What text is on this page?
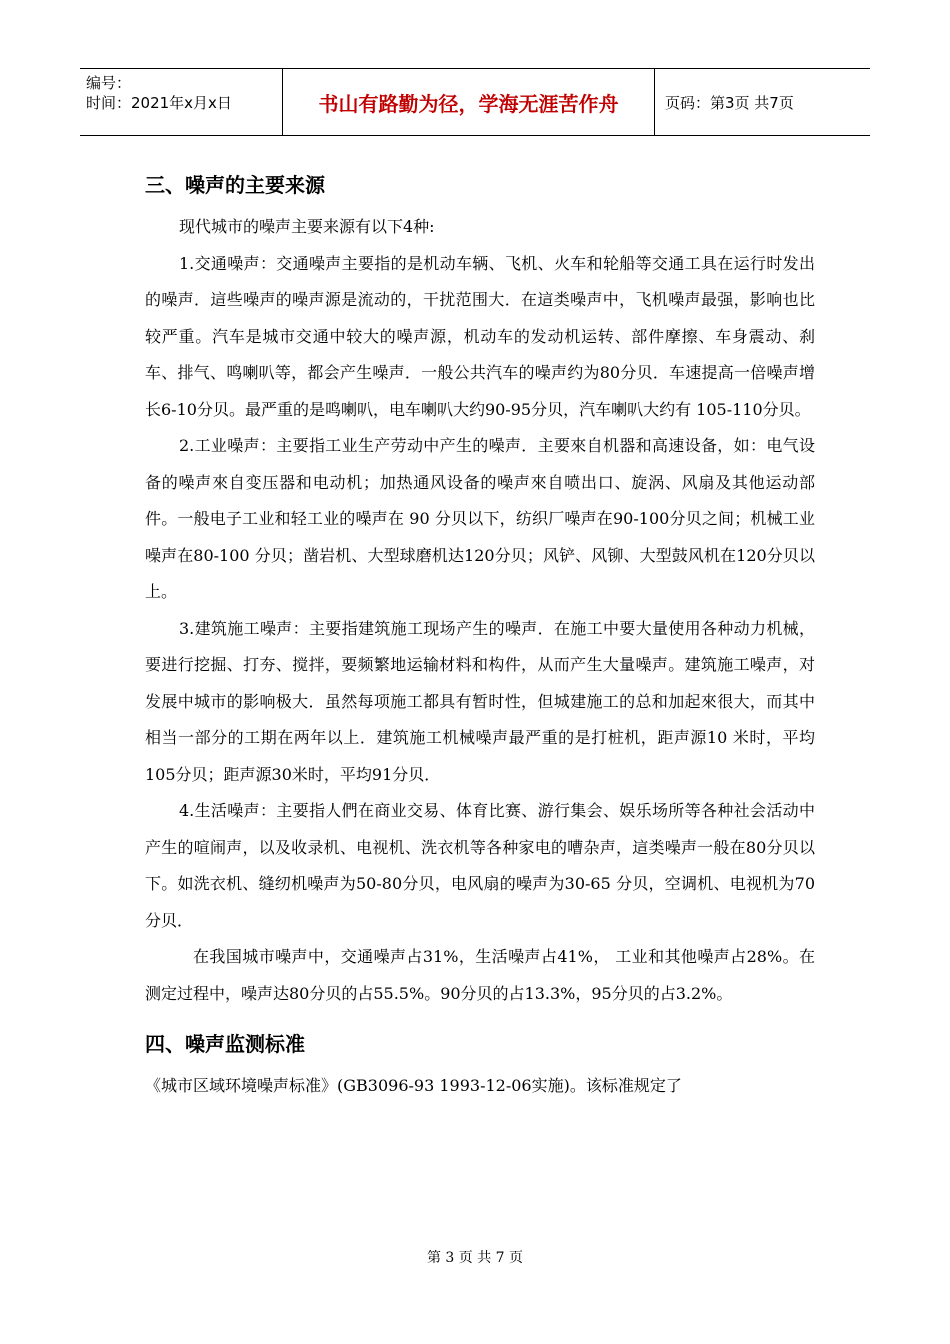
编号：
时间：2021年x月x日	书山有路勤为径，学海无涯苦作舟	页码：第3页 共7页
三、噪声的主要来源

现代城市的噪声主要来源有以下4种:

1.交通噪声：交通噪声主要指的是机动车辆、飞机、火车和轮船等交通工具在运行时发出的噪声．這些噪声的噪声源是流动的，干扰范围大．在這类噪声中，飞机噪声最强，影响也比较严重。汽车是城市交通中较大的噪声源，机动车的发动机运转、部件摩擦、车身震动、刹车、排气、鸣喇叭等，都会产生噪声．一般公共汽车的噪声约为80分贝．车速提高一倍噪声增长6-10分贝。最严重的是鸣喇叭，电车喇叭大约90-95分贝，汽车喇叭大约有 105-110分贝。

2.工业噪声：主要指工业生产劳动中产生的噪声．主要來自机器和高速设备，如：电气设备的噪声來自变压器和电动机；加热通风设备的噪声來自喷出口、旋涡、风扇及其他运动部件。一般电子工业和轻工业的噪声在 90 分贝以下，纺织厂噪声在90-100分贝之间；机械工业噪声在80-100 分贝；凿岩机、大型球磨机达120分贝；风铲、风铆、大型鼓风机在120分贝以上。

3.建筑施工噪声：主要指建筑施工现场产生的噪声．在施工中要大量使用各种动力机械，要进行挖掘、打夯、搅拌，要频繁地运输材料和构件，从而产生大量噪声。建筑施工噪声，对发展中城市的影响极大．虽然每项施工都具有暂时性，但城建施工的总和加起來很大，而其中相当一部分的工期在两年以上．建筑施工机械噪声最严重的是打桩机，距声源10 米时，平均105分贝；距声源30米时，平均91分贝．

4.生活噪声：主要指人們在商业交易、体育比赛、游行集会、娱乐场所等各种社会活动中产生的喧闹声，以及收录机、电视机、洗衣机等各种家电的嘈杂声，這类噪声一般在80分贝以下。如洗衣机、缝纫机噪声为50-80分贝，电风扇的噪声为30-65 分贝，空调机、电视机为70分贝．

在我国城市噪声中，交通噪声占31%，生活噪声占41%， 工业和其他噪声占28%。在测定过程中，噪声达80分贝的占55.5%。90分贝的占13.3%，95分贝的占3.2%。

四、噪声监测标准

《城市区域环境噪声标准》(GB3096-93 1993-12-06实施)。该标准规定了

第 3 页 共 7 页
